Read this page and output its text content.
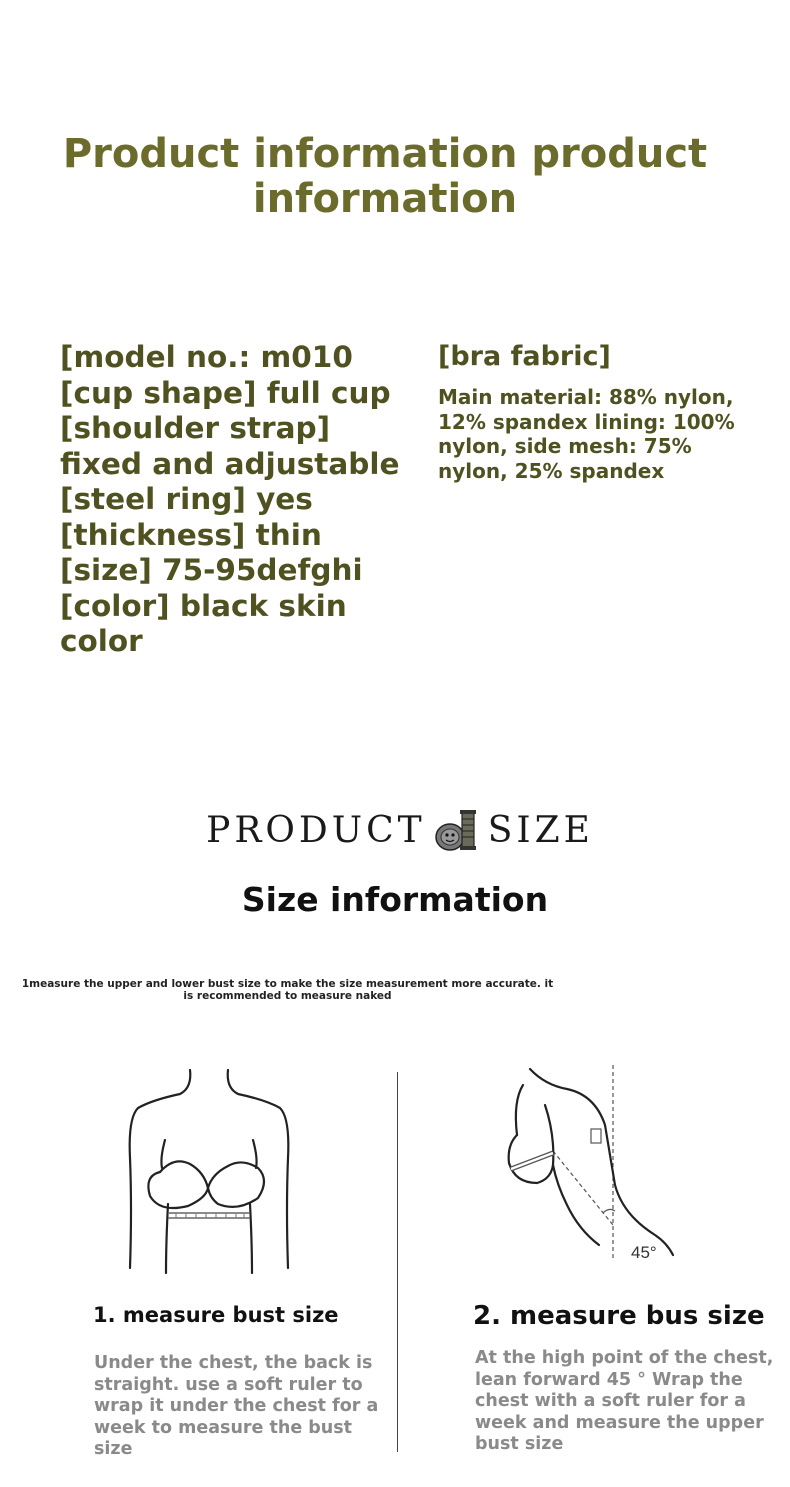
Product information product information
[model no.: m010 [cup shape] full cup [shoulder strap] fixed and adjustable [steel ring] yes [thickness] thin [size] 75-95defghi [color] black skin color
[bra fabric]
Main material: 88% nylon, 12% spandex lining: 100% nylon, side mesh: 75% nylon, 25% spandex
PRODUCT SIZE
Size information
1measure the upper and lower bust size to make the size measurement more accurate. it is recommended to measure naked
45°
1. measure bust size
Under the chest, the back is straight. use a soft ruler to wrap it under the chest for a week to measure the bust size
2. measure bus size
At the high point of the chest, lean forward 45 ° Wrap the chest with a soft ruler for a week and measure the upper bust size
